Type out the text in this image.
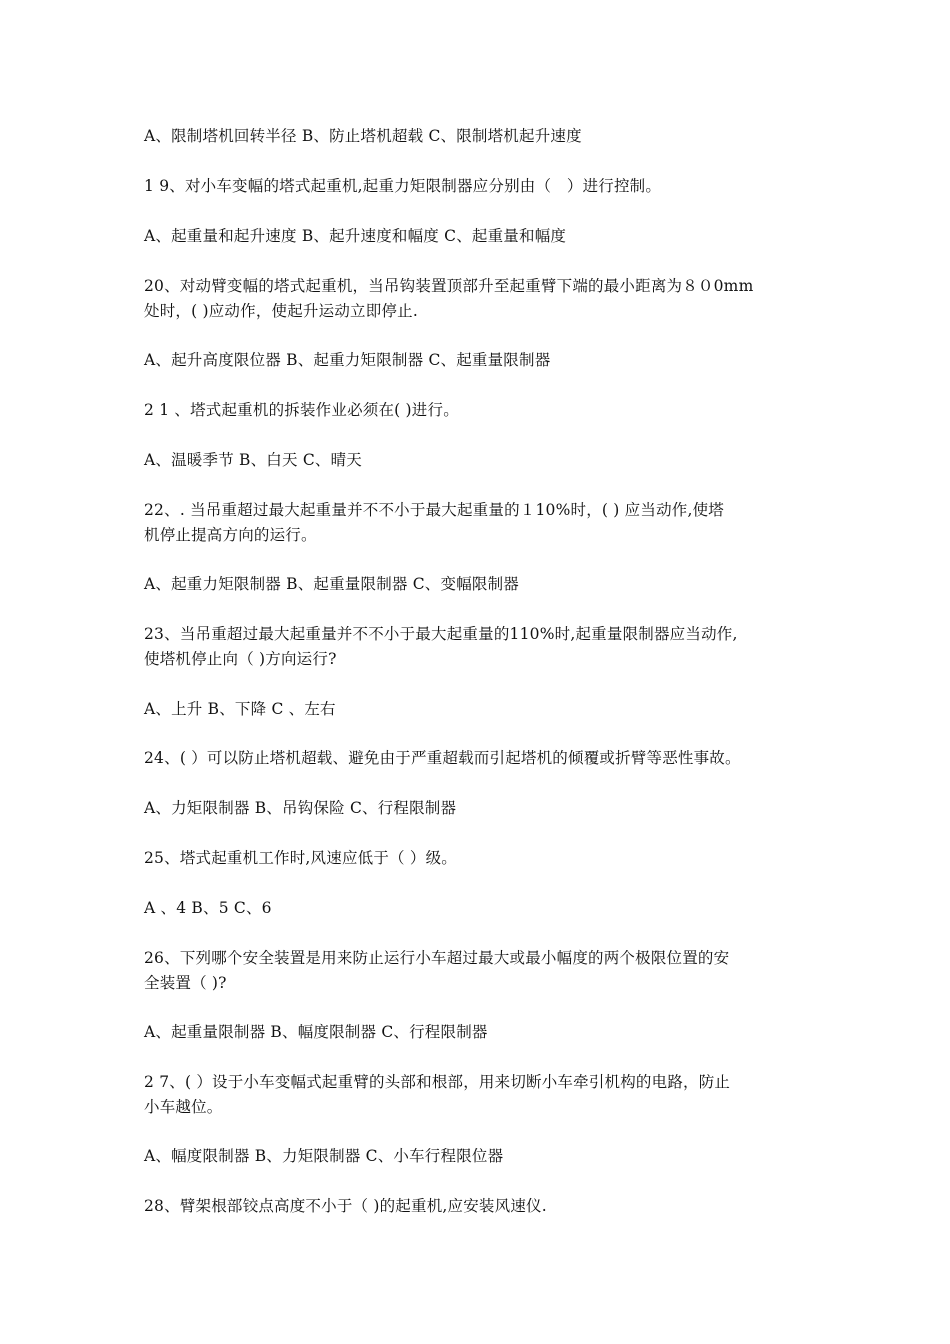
A、限制塔机回转半径 B、防止塔机超载 C、限制塔机起升速度
1 9、对小车变幅的塔式起重机,起重力矩限制器应分别由（　）进行控制。
A、起重量和起升速度 B、起升速度和幅度 C、起重量和幅度
20、对动臂变幅的塔式起重机，当吊钩装置顶部升至起重臂下端的最小距离为８０0mm
处时，( )应动作，使起升运动立即停止.
A、起升高度限位器 B、起重力矩限制器 C、起重量限制器
2 1 、塔式起重机的拆装作业必须在( )进行。
A、温暖季节 B、白天 C、晴天
22、. 当吊重超过最大起重量并不不小于最大起重量的１10%时，( ) 应当动作,使塔
机停止提高方向的运行。
A、起重力矩限制器 B、起重量限制器 C、变幅限制器
23、当吊重超过最大起重量并不不小于最大起重量的110%时,起重量限制器应当动作,
使塔机停止向（ )方向运行?
A、上升 B、下降 C 、左右
24、( ）可以防止塔机超载、避免由于严重超载而引起塔机的倾覆或折臂等恶性事故。
A、力矩限制器 B、吊钩保险 C、行程限制器
25、塔式起重机工作时,风速应低于（ ）级。
A 、4 B、5 C、6
26、下列哪个安全装置是用来防止运行小车超过最大或最小幅度的两个极限位置的安
全装置（ )?
A、起重量限制器 B、幅度限制器 C、行程限制器
2 7、( ）设于小车变幅式起重臂的头部和根部，用来切断小车牵引机构的电路，防止
小车越位。
A、幅度限制器 B、力矩限制器 C、小车行程限位器
28、臂架根部铰点高度不小于（ )的起重机,应安装风速仪.
